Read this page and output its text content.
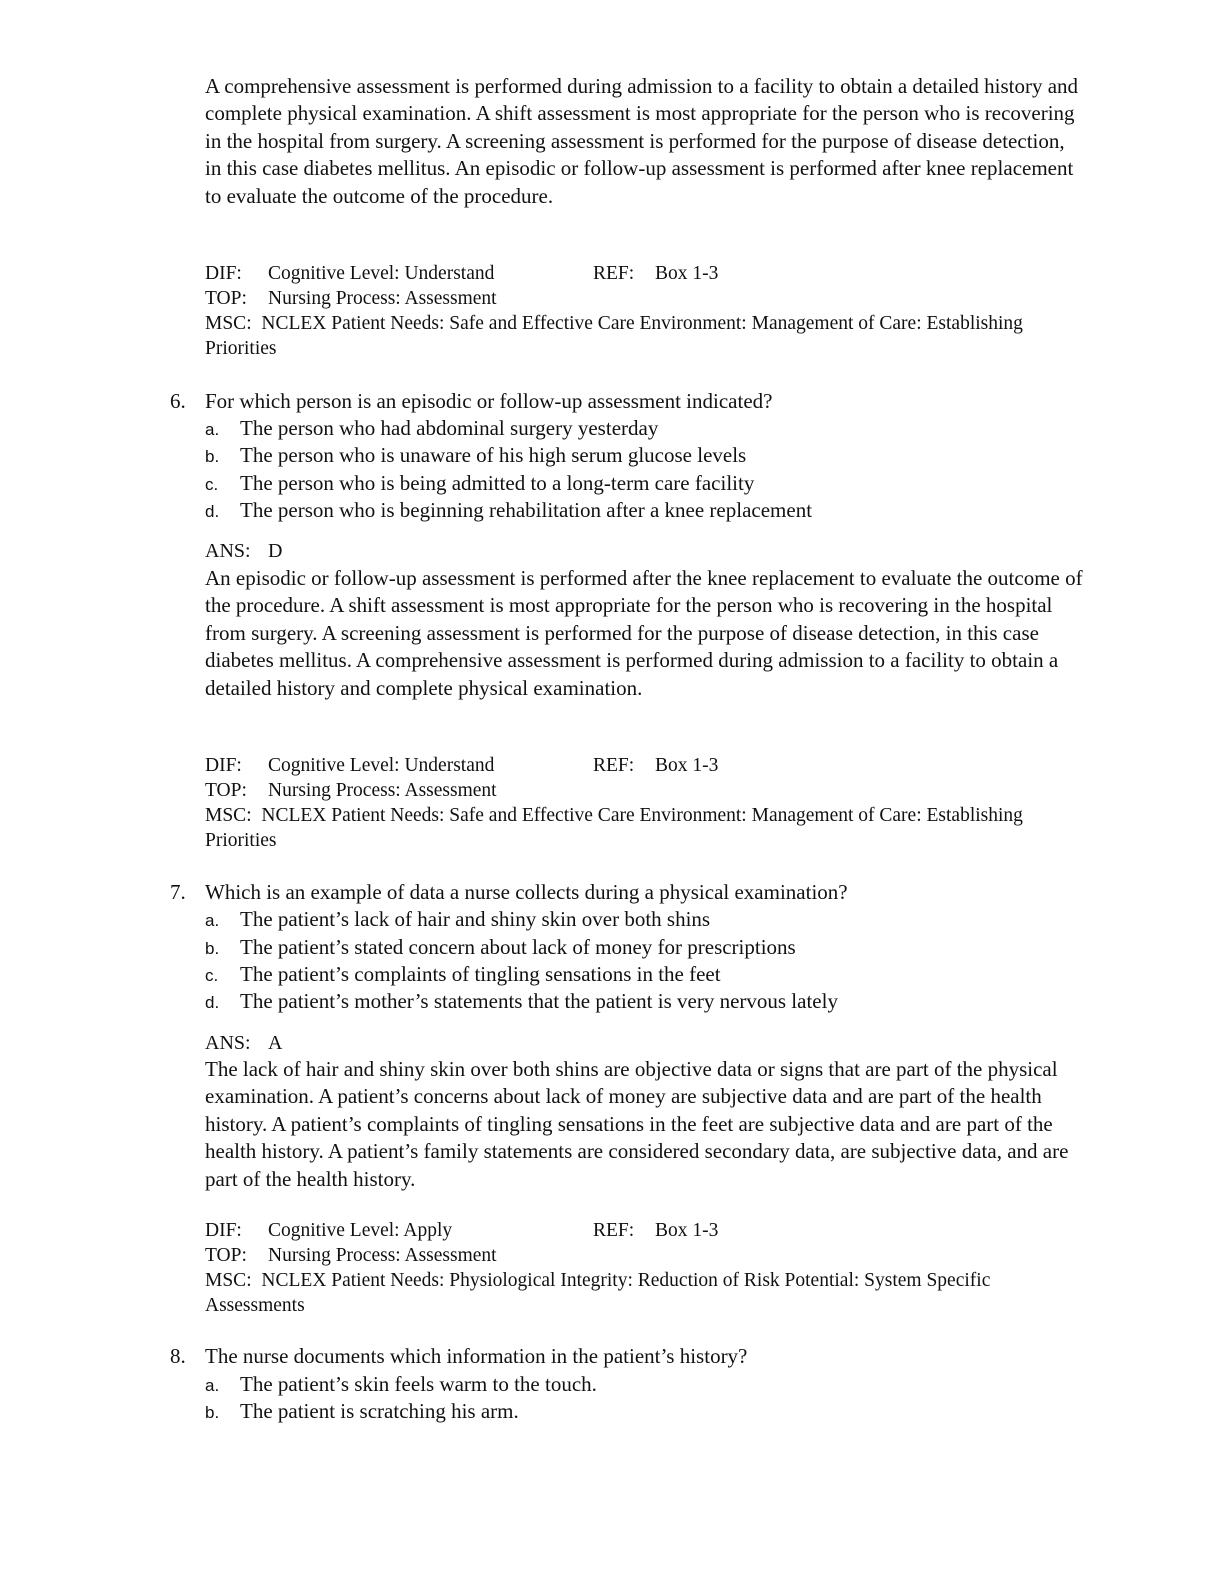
A comprehensive assessment is performed during admission to a facility to obtain a detailed history and complete physical examination. A shift assessment is most appropriate for the person who is recovering in the hospital from surgery. A screening assessment is performed for the purpose of disease detection, in this case diabetes mellitus. An episodic or follow-up assessment is performed after knee replacement to evaluate the outcome of the procedure.

DIF:	Cognitive Level: Understand	REF:	Box 1-3
TOP:	Nursing Process: Assessment
MSC: NCLEX Patient Needs: Safe and Effective Care Environment: Management of Care: Establishing Priorities
6. For which person is an episodic or follow-up assessment indicated?
a. The person who had abdominal surgery yesterday
b. The person who is unaware of his high serum glucose levels
c. The person who is being admitted to a long-term care facility
d. The person who is beginning rehabilitation after a knee replacement
ANS: D

An episodic or follow-up assessment is performed after the knee replacement to evaluate the outcome of the procedure. A shift assessment is most appropriate for the person who is recovering in the hospital from surgery. A screening assessment is performed for the purpose of disease detection, in this case diabetes mellitus. A comprehensive assessment is performed during admission to a facility to obtain a detailed history and complete physical examination.

DIF:	Cognitive Level: Understand	REF:	Box 1-3
TOP:	Nursing Process: Assessment
MSC: NCLEX Patient Needs: Safe and Effective Care Environment: Management of Care: Establishing Priorities
7. Which is an example of data a nurse collects during a physical examination?
a. The patient’s lack of hair and shiny skin over both shins
b. The patient’s stated concern about lack of money for prescriptions
c. The patient’s complaints of tingling sensations in the feet
d. The patient’s mother’s statements that the patient is very nervous lately
ANS: A

The lack of hair and shiny skin over both shins are objective data or signs that are part of the physical examination. A patient’s concerns about lack of money are subjective data and are part of the health history. A patient’s complaints of tingling sensations in the feet are subjective data and are part of the health history. A patient’s family statements are considered secondary data, are subjective data, and are part of the health history.

DIF:	Cognitive Level: Apply	REF:	Box 1-3
TOP:	Nursing Process: Assessment
MSC: NCLEX Patient Needs: Physiological Integrity: Reduction of Risk Potential: System Specific Assessments
8. The nurse documents which information in the patient’s history?
a. The patient’s skin feels warm to the touch.
b. The patient is scratching his arm.
